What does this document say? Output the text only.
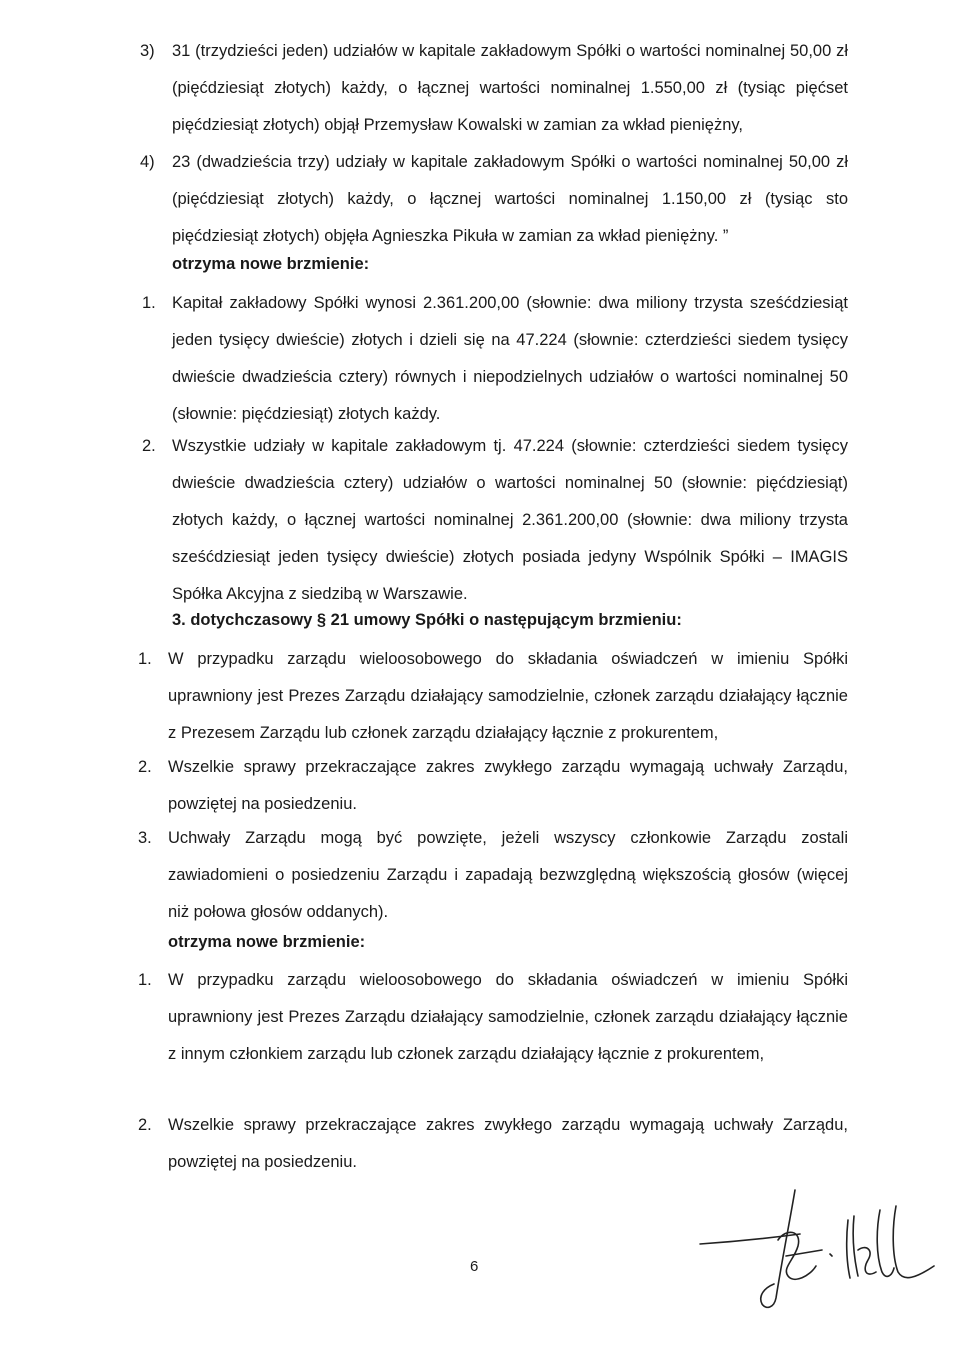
3) 31 (trzydzieści jeden) udziałów w kapitale zakładowym Spółki o wartości nominalnej 50,00 zł (pięćdziesiąt złotych) każdy, o łącznej wartości nominalnej 1.550,00 zł (tysiąc pięćset pięćdziesiąt złotych) objął Przemysław Kowalski w zamian za wkład pieniężny,
4) 23 (dwadzieścia trzy) udziały w kapitale zakładowym Spółki o wartości nominalnej 50,00 zł (pięćdziesiąt złotych) każdy, o łącznej wartości nominalnej 1.150,00 zł (tysiąc sto pięćdziesiąt złotych) objęła Agnieszka Pikuła w zamian za wkład pieniężny. ”
otrzyma nowe brzmienie:
1. Kapitał zakładowy Spółki wynosi 2.361.200,00 (słownie: dwa miliony trzysta sześćdziesiąt jeden tysięcy dwieście) złotych i dzieli się na 47.224 (słownie: czterdzieści siedem tysięcy dwieście dwadzieścia cztery) równych i niepodzielnych udziałów o wartości nominalnej 50 (słownie: pięćdziesiąt) złotych każdy.
2. Wszystkie udziały w kapitale zakładowym tj. 47.224 (słownie: czterdzieści siedem tysięcy dwieście dwadzieścia cztery) udziałów o wartości nominalnej 50 (słownie: pięćdziesiąt) złotych każdy, o łącznej wartości nominalnej 2.361.200,00 (słownie: dwa miliony trzysta sześćdziesiąt jeden tysięcy dwieście) złotych posiada jedyny Wspólnik Spółki – IMAGIS Spółka Akcyjna z siedzibą w Warszawie.
3. dotychczasowy § 21 umowy Spółki o następującym brzmieniu:
1. W przypadku zarządu wieloosobowego do składania oświadczeń w imieniu Spółki uprawniony jest Prezes Zarządu działający samodzielnie, członek zarządu działający łącznie z Prezesem Zarządu lub członek zarządu działający łącznie z prokurentem,
2. Wszelkie sprawy przekraczające zakres zwykłego zarządu wymagają uchwały Zarządu, powziętej na posiedzeniu.
3. Uchwały Zarządu mogą być powzięte, jeżeli wszyscy członkowie Zarządu zostali zawiadomieni o posiedzeniu Zarządu i zapadają bezwzględną większością głosów (więcej niż połowa głosów oddanych).
otrzyma nowe brzmienie:
1. W przypadku zarządu wieloosobowego do składania oświadczeń w imieniu Spółki uprawniony jest Prezes Zarządu działający samodzielnie, członek zarządu działający łącznie z innym członkiem zarządu lub członek zarządu działający łącznie z prokurentem,
2. Wszelkie sprawy przekraczające zakres zwykłego zarządu wymagają uchwały Zarządu, powziętej na posiedzeniu.
6
